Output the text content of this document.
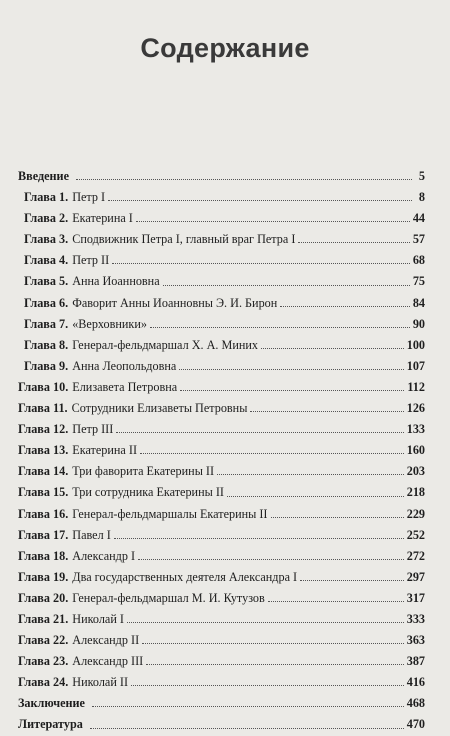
Содержание
Введение	5
Глава 1. Петр I	8
Глава 2. Екатерина I	44
Глава 3. Сподвижник Петра I, главный враг Петра I	57
Глава 4. Петр II	68
Глава 5. Анна Иоанновна	75
Глава 6. Фаворит Анны Иоанновны Э. И. Бирон	84
Глава 7. «Верховники»	90
Глава 8. Генерал-фельдмаршал Х. А. Миних	100
Глава 9. Анна Леопольдовна	107
Глава 10. Елизавета Петровна	112
Глава 11. Сотрудники Елизаветы Петровны	126
Глава 12. Петр III	133
Глава 13. Екатерина II	160
Глава 14. Три фаворита Екатерины II	203
Глава 15. Три сотрудника Екатерины II	218
Глава 16. Генерал-фельдмаршалы Екатерины II	229
Глава 17. Павел I	252
Глава 18. Александр I	272
Глава 19. Два государственных деятеля Александра I	297
Глава 20. Генерал-фельдмаршал М. И. Кутузов	317
Глава 21. Николай I	333
Глава 22. Александр II	363
Глава 23. Александр III	387
Глава 24. Николай II	416
Заключение	468
Литература	470
